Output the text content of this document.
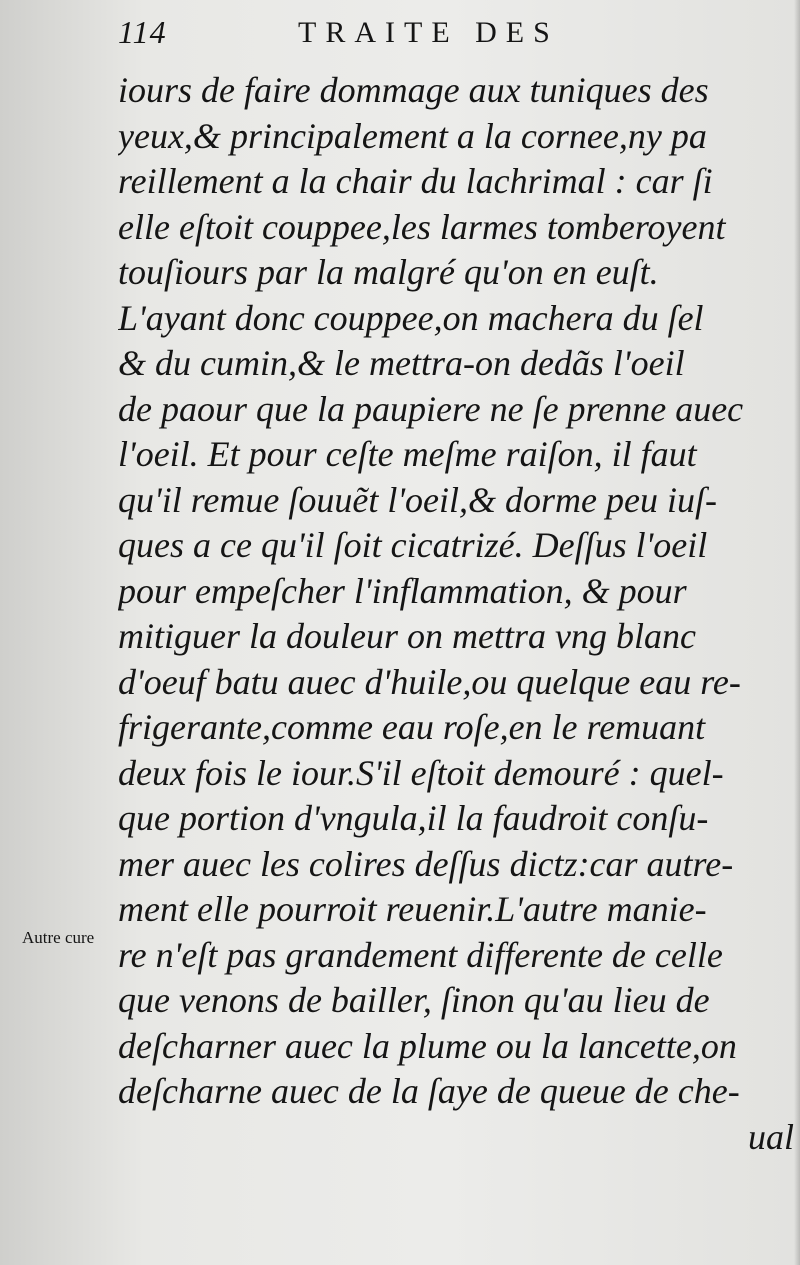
114	TRAITE DES
Autre cure
iours de faire dommage aux tuniques des
yeux,& principalement a la cornee,ny pa
reillement a la chair du lachrimal : car ſi
elle eſtoit couppee,les larmes tomberoyent
touſiours par la malgré qu'on en euſt.
L'ayant donc couppee,on machera du ſel
& du cumin,& le mettra-on dedãs l'oeil
de paour que la paupiere ne ſe prenne auec
l'oeil. Et pour ceſte meſme raiſon, il faut
qu'il remue ſouuẽt l'oeil,& dorme peu iuſ-
ques a ce qu'il ſoit cicatrizé. Deſſus l'oeil
pour empeſcher l'inflammation, & pour
mitiguer la douleur on mettra vng blanc
d'oeuf batu auec d'huile,ou quelque eau re-
frigerante,comme eau roſe,en le remuant
deux fois le iour.S'il eſtoit demouré : quel-
que portion d'vngula,il la faudroit conſu-
mer auec les colires deſſus dictz:car autre-
ment elle pourroit reuenir.L'autre manie-
re n'eſt pas grandement differente de celle
que venons de bailler, ſinon qu'au lieu de
deſcharner auec la plume ou la lancette,on
deſcharne auec de la ſaye de queue de che-
ual
